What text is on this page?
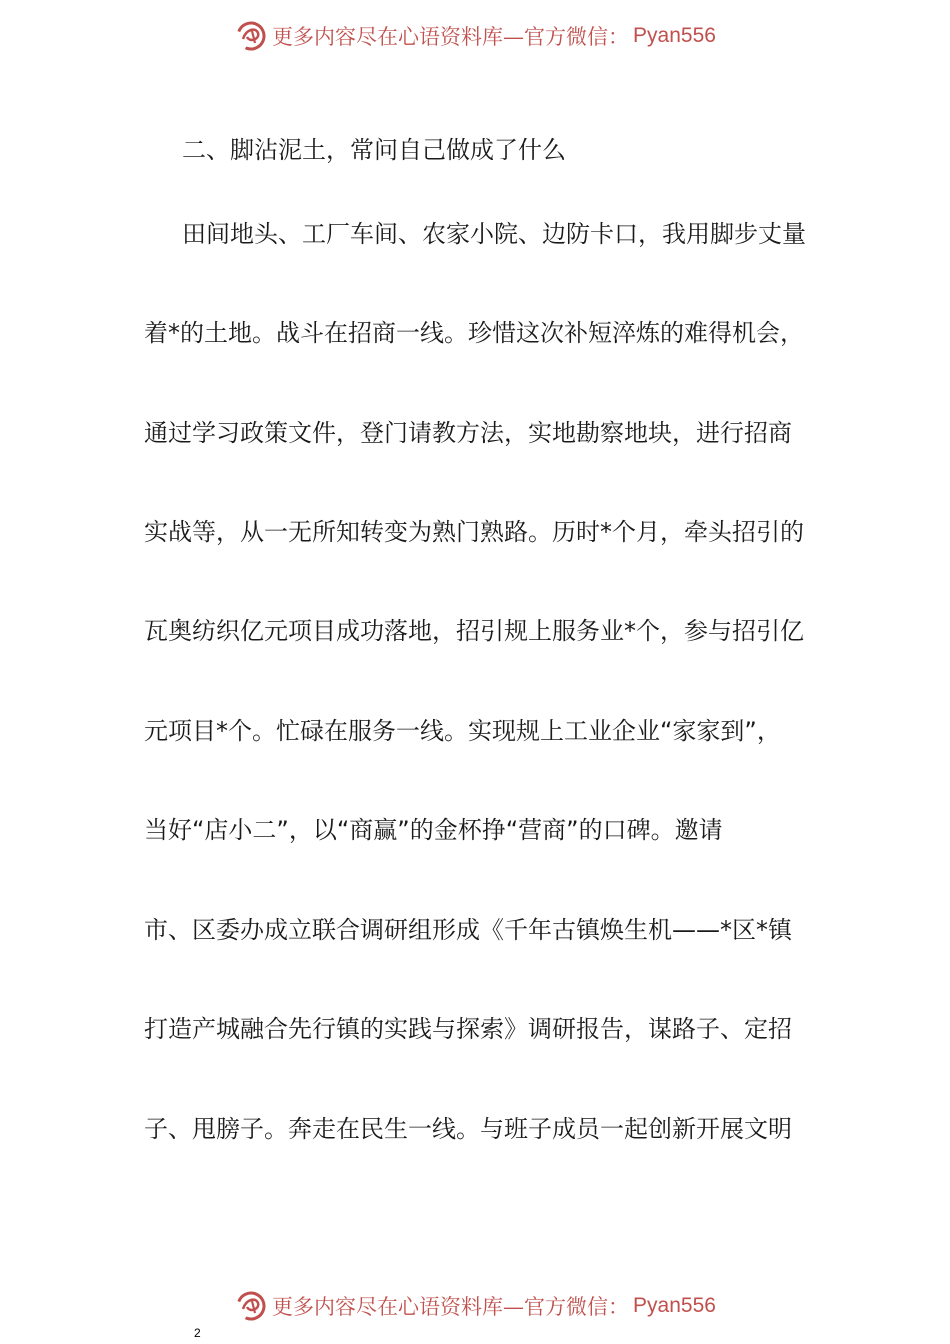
更多内容尽在心语资料库—官方微信： Pyan556
二、脚沾泥土，常问自己做成了什么
田间地头、工厂车间、农家小院、边防卡口，我用脚步丈量
着*的土地。战斗在招商一线。珍惜这次补短淬炼的难得机会，
通过学习政策文件，登门请教方法，实地勘察地块，进行招商
实战等，从一无所知转变为熟门熟路。历时*个月，牵头招引的
瓦奥纺织亿元项目成功落地，招引规上服务业*个，参与招引亿
元项目*个。忙碌在服务一线。实现规上工业企业“家家到”，
当好“店小二”，以“商赢”的金杯挣“营商”的口碑。邀请
市、区委办成立联合调研组形成《千年古镇焕生机——*区*镇
打造产城融合先行镇的实践与探索》调研报告，谋路子、定招
子、甩膀子。奔走在民生一线。与班子成员一起创新开展文明
更多内容尽在心语资料库—官方微信： Pyan556
2
